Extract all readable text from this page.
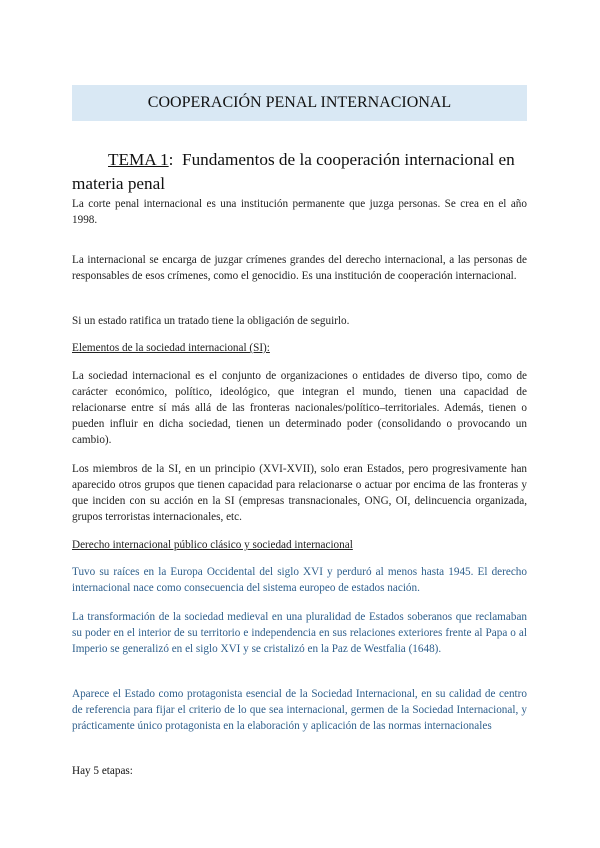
COOPERACIÓN PENAL INTERNACIONAL
TEMA 1: Fundamentos de la cooperación internacional en materia penal

La corte penal internacional es una institución permanente que juzga personas. Se crea en el año 1998.

La internacional se encarga de juzgar crímenes grandes del derecho internacional, a las personas de responsables de esos crímenes, como el genocidio. Es una institución de cooperación internacional.

Si un estado ratifica un tratado tiene la obligación de seguirlo.

Elementos de la sociedad internacional (SI):

La sociedad internacional es el conjunto de organizaciones o entidades de diverso tipo, como de carácter económico, político, ideológico, que integran el mundo, tienen una capacidad de relacionarse entre sí más allá de las fronteras nacionales/político–territoriales. Además, tienen o pueden influir en dicha sociedad, tienen un determinado poder (consolidando o provocando un cambio).

Los miembros de la SI, en un principio (XVI-XVII), solo eran Estados, pero progresivamente han aparecido otros grupos que tienen capacidad para relacionarse o actuar por encima de las fronteras y que inciden con su acción en la SI (empresas transnacionales, ONG, OI, delincuencia organizada, grupos terroristas internacionales, etc.

Derecho internacional público clásico y sociedad internacional

Tuvo su raíces en la Europa Occidental del siglo XVI y perduró al menos hasta 1945. El derecho internacional nace como consecuencia del sistema europeo de estados nación.

La transformación de la sociedad medieval en una pluralidad de Estados soberanos que reclamaban su poder en el interior de su territorio e independencia en sus relaciones exteriores frente al Papa o al Imperio se generalizó en el siglo XVI y se cristalizó en la Paz de Westfalia (1648).

Aparece el Estado como protagonista esencial de la Sociedad Internacional, en su calidad de centro de referencia para fijar el criterio de lo que sea internacional, germen de la Sociedad Internacional, y prácticamente único protagonista en la elaboración y aplicación de las normas internacionales

Hay 5 etapas:
